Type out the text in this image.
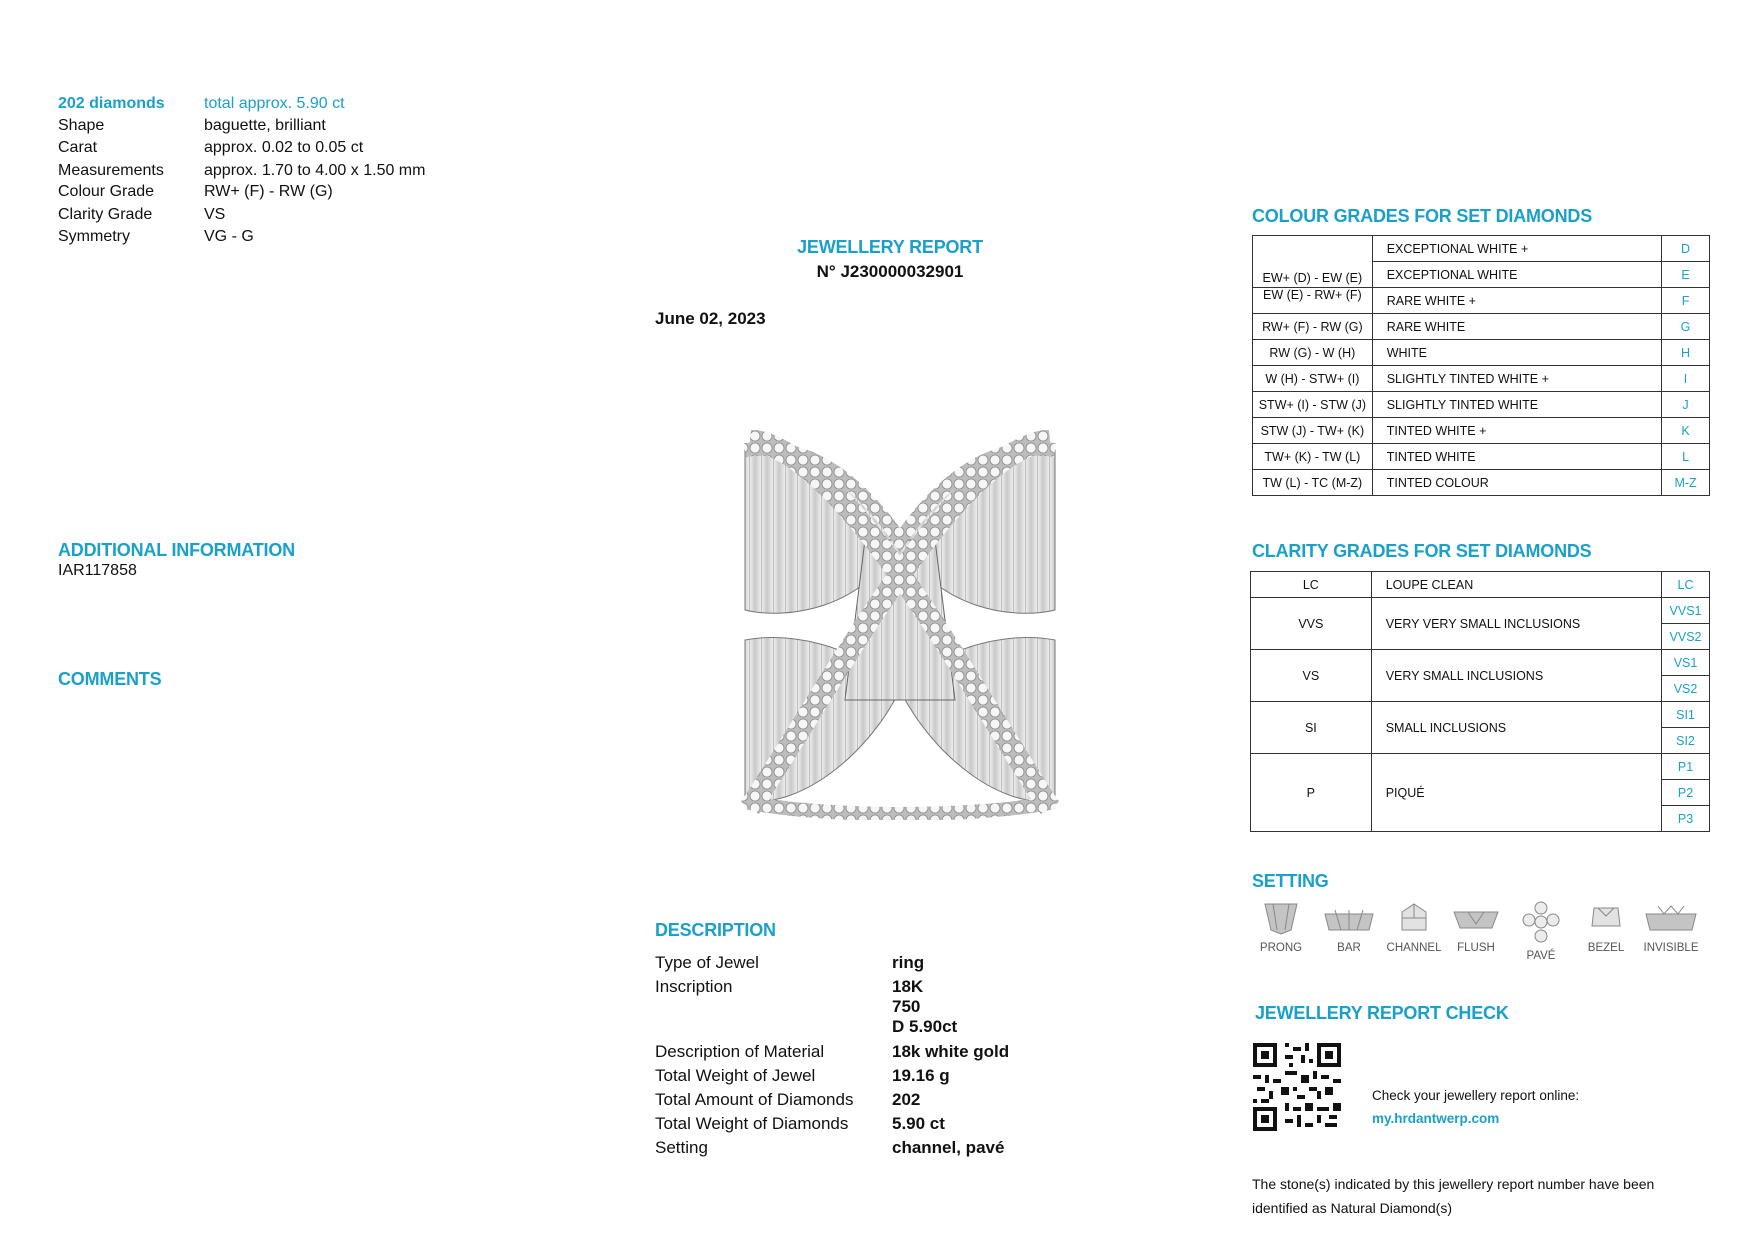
202 diamonds total approx. 5.90 ct
Shape	baguette, brilliant
Carat	approx. 0.02 to 0.05 ct
Measurements	approx. 1.70 to 4.00 x 1.50 mm
Colour Grade	RW+ (F) - RW (G)
Clarity Grade	VS
Symmetry	VG - G
ADDITIONAL INFORMATION
IAR117858
COMMENTS
JEWELLERY REPORT
N° J230000032901
June 02, 2023
DESCRIPTION
Type of Jewel	ring
Inscription	18K
750
D 5.90ct
Description of Material	18k white gold
Total Weight of Jewel	19.16 g
Total Amount of Diamonds 202
Total Weight of Diamonds	5.90 ct
Setting	channel, pavé
COLOUR GRADES FOR SET DIAMONDS
EW+ (D) - EW (E)	EXCEPTIONAL WHITE +	D
	EXCEPTIONAL WHITE	E
EW (E) - RW+ (F)	RARE WHITE +	F
RW+ (F) - RW (G)	RARE WHITE	G
RW (G) - W (H)	WHITE	H
W (H) - STW+ (I)	SLIGHTLY TINTED WHITE +	I
STW+ (I) - STW (J)	SLIGHTLY TINTED WHITE	J
STW (J) - TW+ (K)	TINTED WHITE +	K
TW+ (K) - TW (L)	TINTED WHITE	L
TW (L) - TC (M-Z)	TINTED COLOUR	M-Z
CLARITY GRADES FOR SET DIAMONDS
LC	LOUPE CLEAN	LC
VVS	VERY VERY SMALL INCLUSIONS	VVS1
		VVS2
VS	VERY SMALL INCLUSIONS	VS1
		VS2
SI	SMALL INCLUSIONS	SI1
		SI2
P	PIQUÉ	P1
		P2
		P3
SETTING
PRONG	BAR	CHANNEL	FLUSH
PAVÉ
BEZEL	INVISIBLE
JEWELLERY REPORT CHECK
Check your jewellery report online:
my.hrdantwerp.com
The stone(s) indicated by this jewellery report number have been
identified as Natural Diamond(s)
